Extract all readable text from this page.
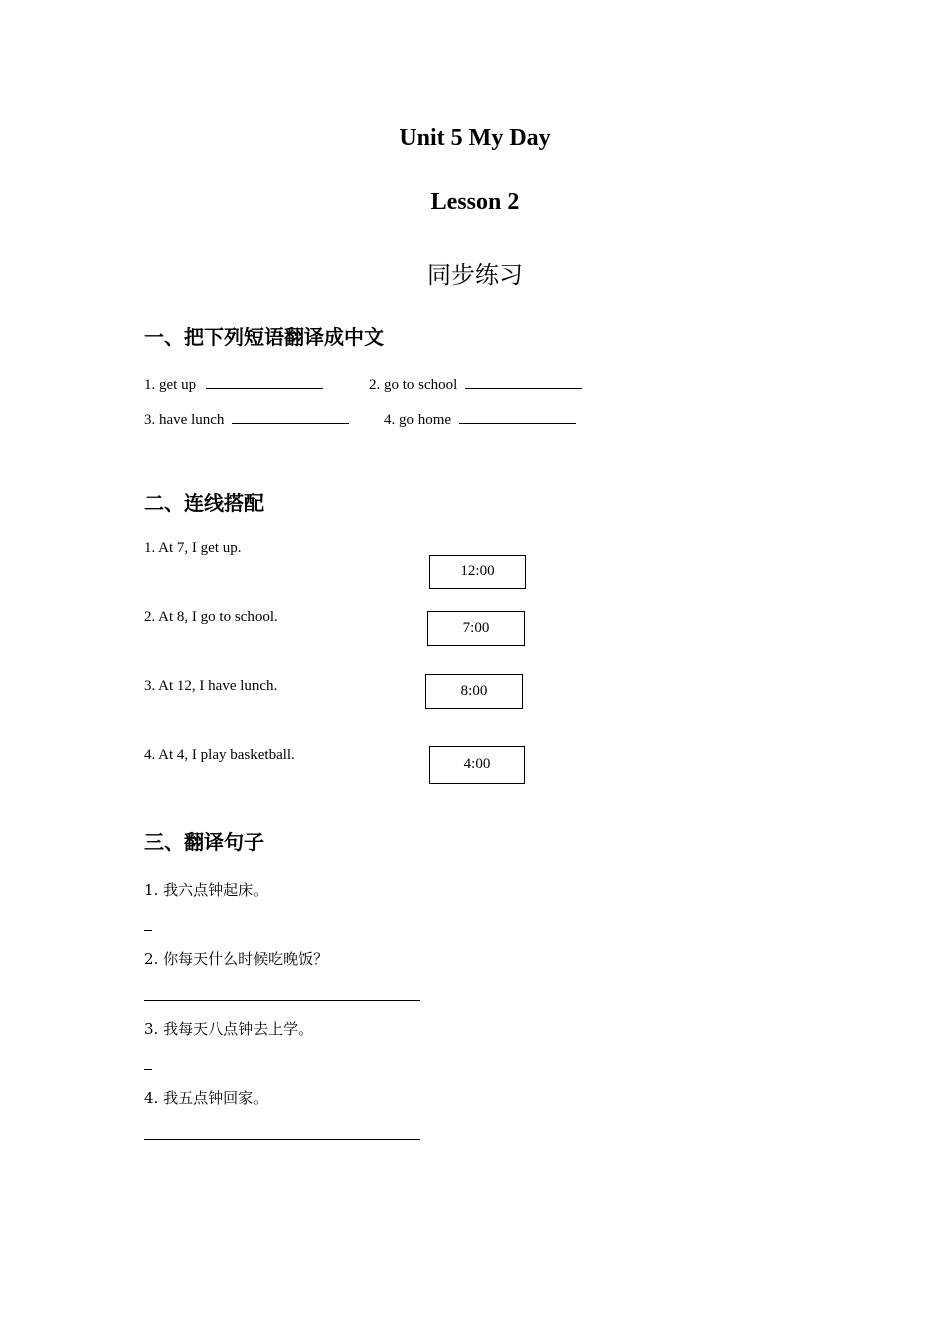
Unit 5 My Day
Lesson 2
同步练习
一、把下列短语翻译成中文
1. get up	2. go to school
3. have lunch	4. go home
二、连线搭配
1. At 7, I get up.
2. At 8, I go to school.
3. At 12, I have lunch.
4. At 4, I play basketball.
12:00
7:00
8:00
4:00
三、翻译句子
1. 我六点钟起床。
2. 你每天什么时候吃晚饭？
3. 我每天八点钟去上学。
4. 我五点钟回家。
